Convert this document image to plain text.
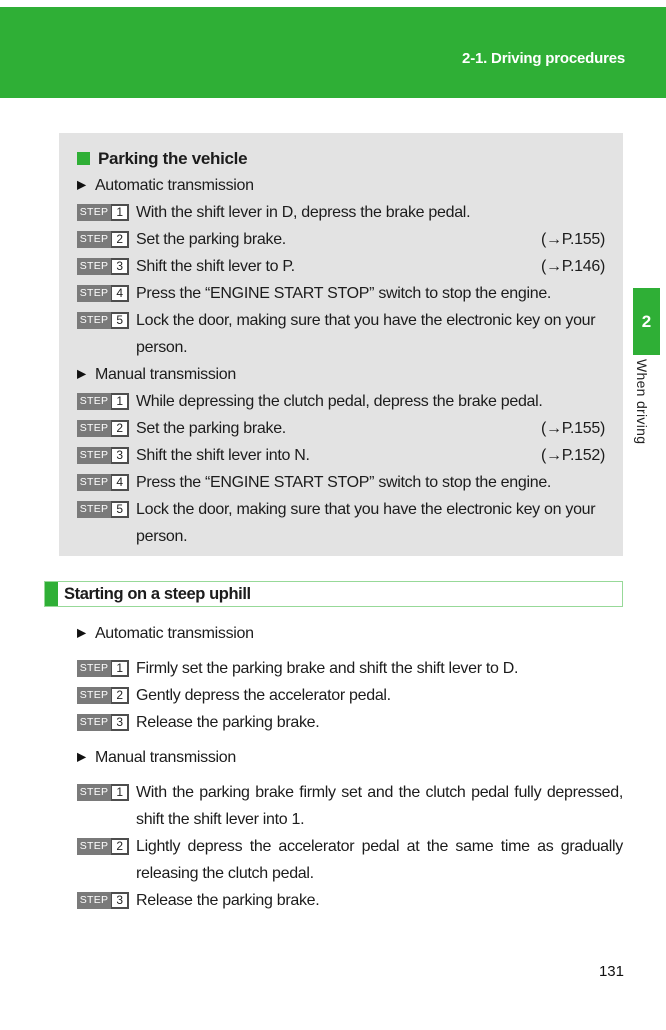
2-1. Driving procedures
2
When driving
Parking the vehicle
▶ Automatic transmission
STEP 1 With the shift lever in D, depress the brake pedal.
STEP 2 Set the parking brake.	(→P.155)
STEP 3 Shift the shift lever to P.	(→P.146)
STEP 4 Press the “ENGINE START STOP” switch to stop the engine.
STEP 5 Lock the door, making sure that you have the electronic key on your person.
▶ Manual transmission
STEP 1 While depressing the clutch pedal, depress the brake pedal.
STEP 2 Set the parking brake.	(→P.155)
STEP 3 Shift the shift lever into N.	(→P.152)
STEP 4 Press the “ENGINE START STOP” switch to stop the engine.
STEP 5 Lock the door, making sure that you have the electronic key on your person.
Starting on a steep uphill
▶ Automatic transmission
STEP 1 Firmly set the parking brake and shift the shift lever to D.
STEP 2 Gently depress the accelerator pedal.
STEP 3 Release the parking brake.
▶ Manual transmission
STEP 1 With the parking brake firmly set and the clutch pedal fully depressed, shift the shift lever into 1.
STEP 2 Lightly depress the accelerator pedal at the same time as gradually releasing the clutch pedal.
STEP 3 Release the parking brake.
131
